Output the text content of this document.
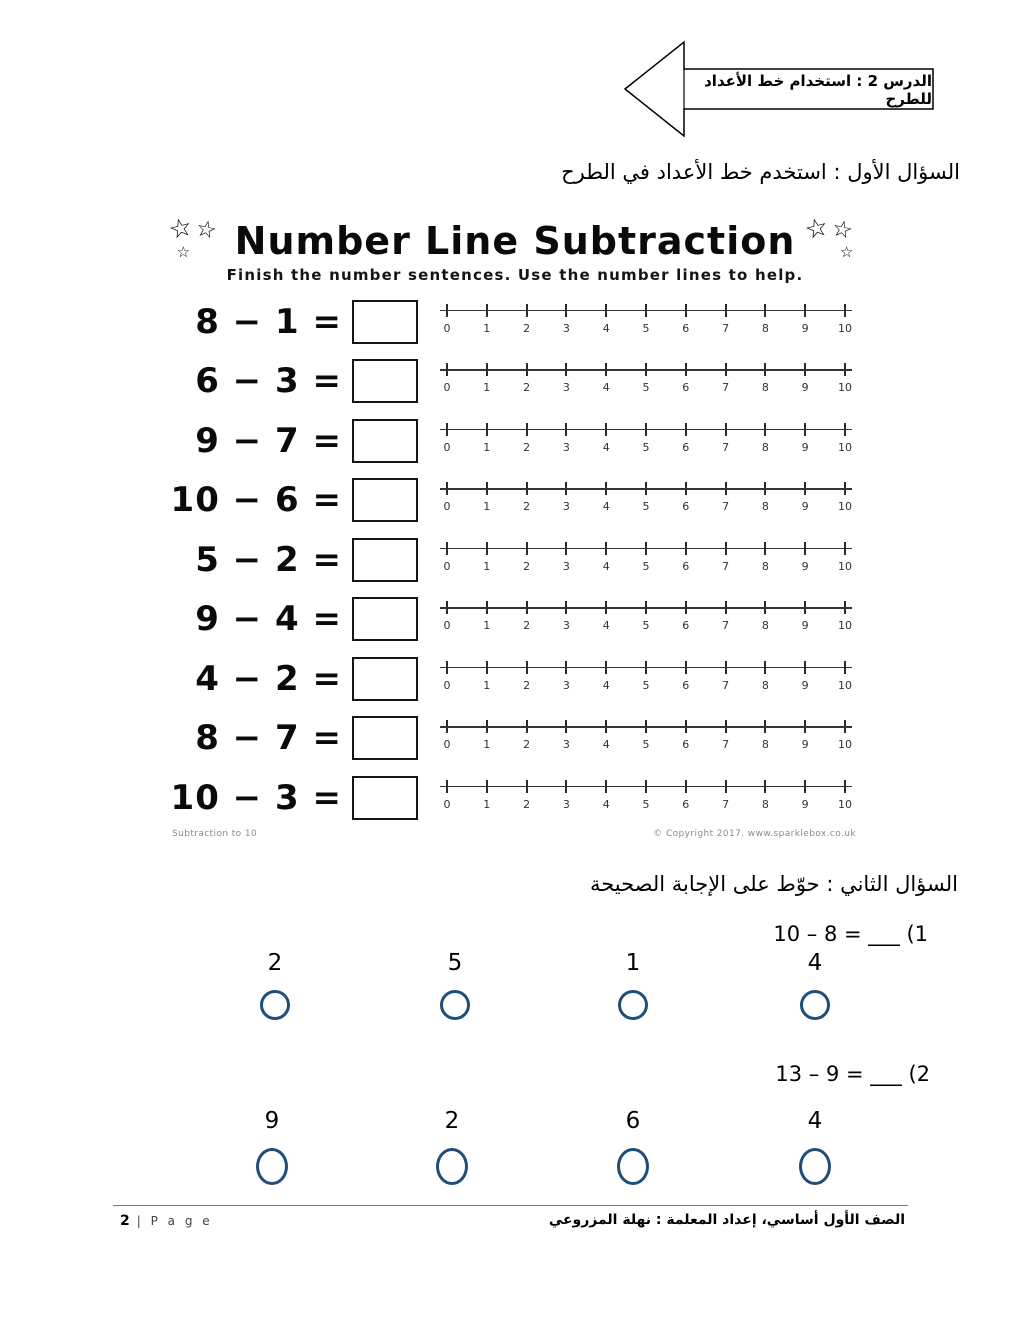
الدرس 2 : استخدام خط الأعداد للطرح
السؤال الأول : استخدم خط الأعداد في الطرح
☆
☆
☆ Number Line Subtraction ☆
☆
☆
Finish the number sentences. Use the number lines to help.
8 − 1 =	0	1	2	3	4	5	6	7	8	9	10
6 − 3 =	0	1	2	3	4	5	6	7	8	9	10
9 − 7 =	0	1	2	3	4	5	6	7	8	9	10
10 − 6 =	0	1	2	3	4	5	6	7	8	9	10
5 − 2 =	0	1	2	3	4	5	6	7	8	9	10
9 − 4 =	0	1	2	3	4	5	6	7	8	9	10
4 − 2 =	0	1	2	3	4	5	6	7	8	9	10
8 − 7 =	0	1	2	3	4	5	6	7	8	9	10
10 − 3 =	0	1	2	3	4	5	6	7	8	9	10
Subtraction to 10	© Copyright 2017. www.sparklebox.co.uk
السؤال الثاني : حوّط على الإجابة الصحيحة
10 – 8 = ___ (1
2	5	1	4
13 – 9 = ___ (2
9	2	6	4
2 | P a g e	الصف الأول أساسي، إعداد المعلمة : نهلة المزروعي
